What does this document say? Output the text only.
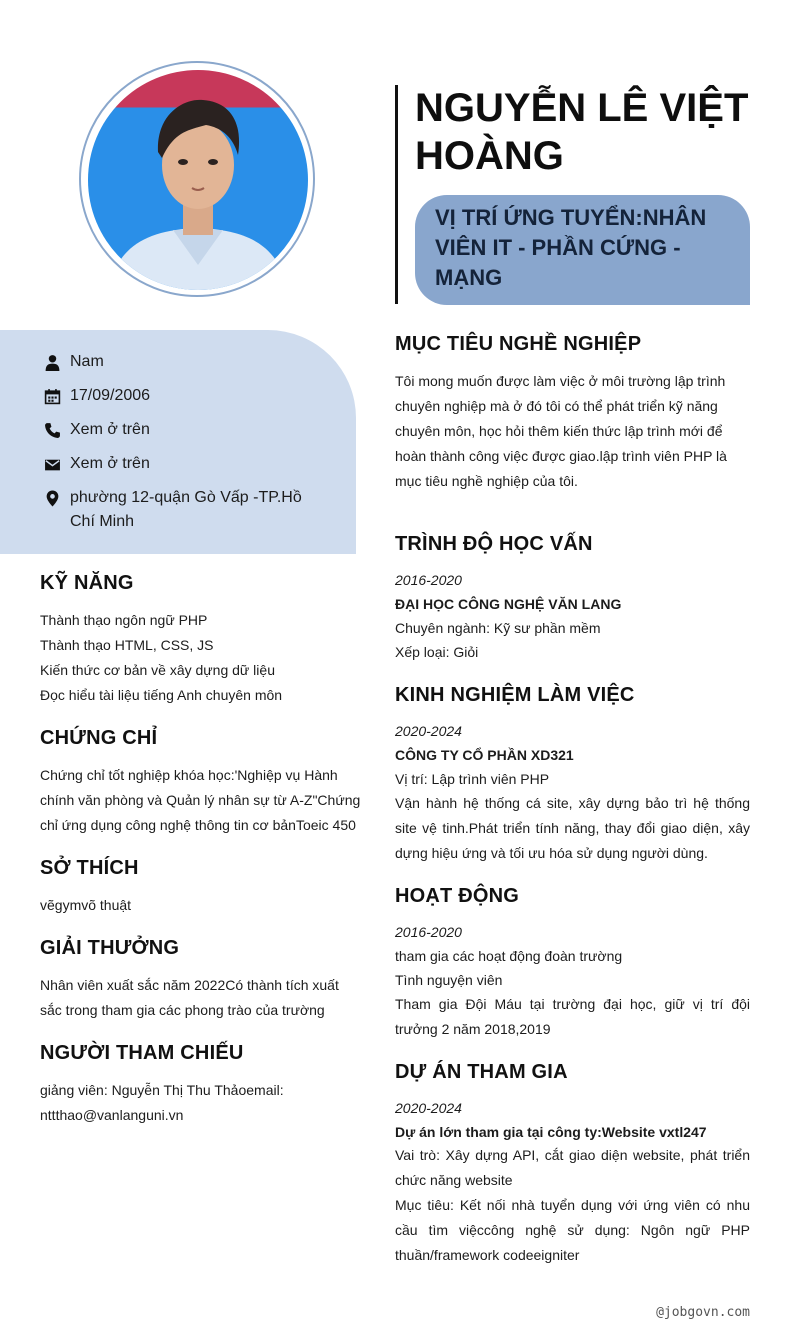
NGUYỄN LÊ VIỆT HOÀNG
VỊ TRÍ ỨNG TUYỂN:NHÂN VIÊN IT - PHẦN CỨNG - MẠNG
Nam
17/09/2006
Xem ở trên
Xem ở trên
phường 12-quận Gò Vấp -TP.Hồ Chí Minh
KỸ NĂNG
Thành thạo ngôn ngữ PHP
Thành thạo HTML, CSS, JS
Kiến thức cơ bản về xây dựng dữ liệu
Đọc hiểu tài liệu tiếng Anh chuyên môn
CHỨNG CHỈ
Chứng chỉ tốt nghiệp khóa học:'Nghiệp vụ Hành
chính văn phòng và Quản lý nhân sự từ A-Z"Chứng
chỉ ứng dụng công nghệ thông tin cơ bảnToeic 450
SỞ THÍCH
vẽgymvõ thuật
GIẢI THƯỞNG
Nhân viên xuất sắc năm 2022Có thành tích xuất
sắc trong tham gia các phong trào của trường
NGƯỜI THAM CHIẾU
giảng viên: Nguyễn Thị Thu Thảoemail:
nttthao@vanlanguni.vn
MỤC TIÊU NGHỀ NGHIỆP
Tôi mong muốn được làm việc ở môi trường lập trình
chuyên nghiệp mà ở đó tôi có thể phát triển kỹ năng
chuyên môn, học hỏi thêm kiến thức lập trình mới để
hoàn thành công việc được giao.lập trình viên PHP là
mục tiêu nghề nghiệp của tôi.
TRÌNH ĐỘ HỌC VẤN
2016-2020
ĐẠI HỌC CÔNG NGHỆ VĂN LANG
Chuyên ngành: Kỹ sư phần mềm
Xếp loại: Giỏi
KINH NGHIỆM LÀM VIỆC
2020-2024
CÔNG TY CỔ PHẦN XD321
Vị trí: Lập trình viên PHP
Vận hành hệ thống cá site, xây dựng bảo trì hệ thống site vệ tinh.Phát triển tính năng, thay đổi giao diện, xây dựng hiệu ứng và tối ưu hóa sử dụng người dùng.
HOẠT ĐỘNG
2016-2020
tham gia các hoạt động đoàn trường
Tình nguyện viên
Tham gia Đội Máu tại trường đại học, giữ vị trí đội trưởng 2 năm 2018,2019
DỰ ÁN THAM GIA
2020-2024
Dự án lớn tham gia tại công ty:Website vxtl247
Vai trò: Xây dựng API, cắt giao diện website, phát triển chức năng website
Mục tiêu: Kết nối nhà tuyển dụng với ứng viên có nhu cầu tìm việccông nghệ sử dụng: Ngôn ngữ PHP thuần/framework codeeigniter
@jobgovn.com
